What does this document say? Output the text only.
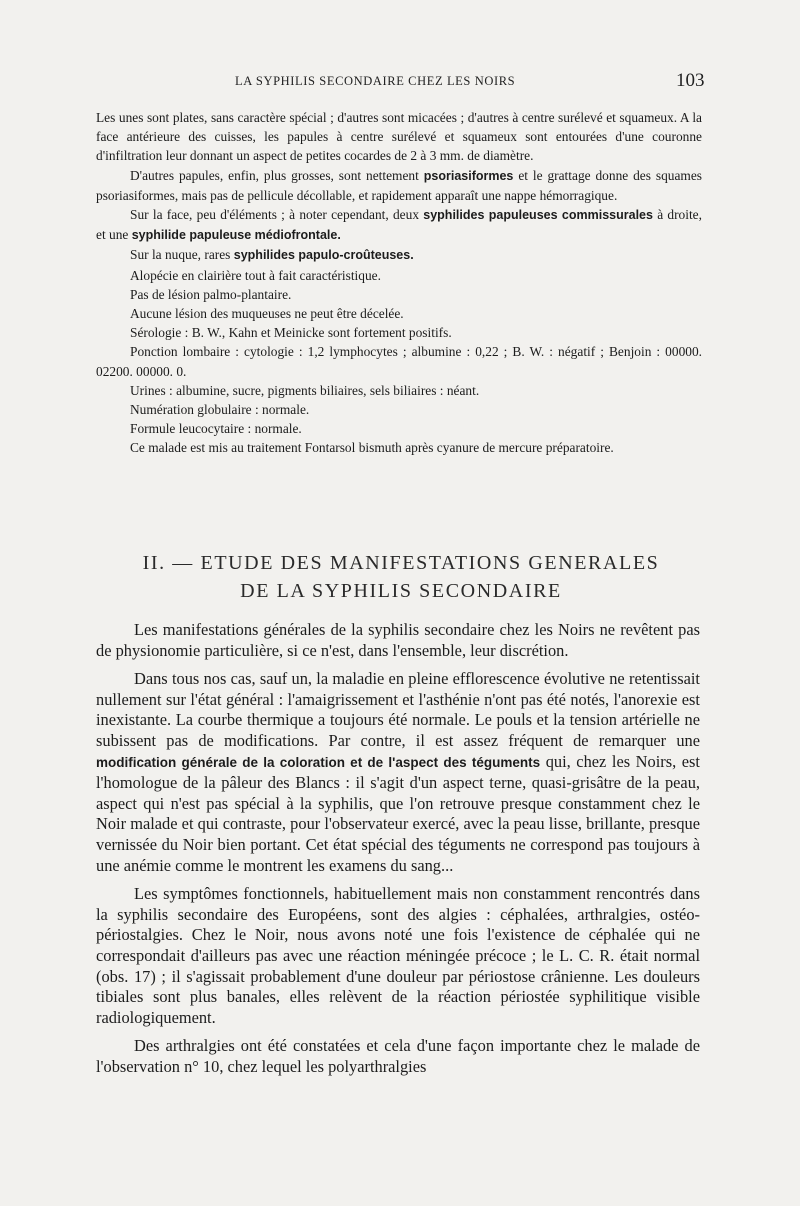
LA SYPHILIS SECONDAIRE CHEZ LES NOIRS	103

Les unes sont plates, sans caractère spécial ; d'autres sont micacées ; d'autres à centre surélevé et squameux. A la face antérieure des cuisses, les papules à centre surélevé et squameux sont entourées d'une couronne d'infiltration leur donnant un aspect de petites cocardes de 2 à 3 mm. de diamètre.

D'autres papules, enfin, plus grosses, sont nettement psoriasiformes et le grattage donne des squames psoriasiformes, mais pas de pellicule décollable, et rapidement apparaît une nappe hémorragique.

Sur la face, peu d'éléments ; à noter cependant, deux syphilides papuleuses commissurales à droite, et une syphilide papuleuse médiofrontale.

Sur la nuque, rares syphilides papulo-croûteuses.

Alopécie en clairière tout à fait caractéristique.

Pas de lésion palmo-plantaire.

Aucune lésion des muqueuses ne peut être décelée.

Sérologie : B. W., Kahn et Meinicke sont fortement positifs.

Ponction lombaire : cytologie : 1,2 lymphocytes ; albumine : 0,22 ; B. W. : négatif ; Benjoin : 00000. 02200. 00000. 0.

Urines : albumine, sucre, pigments biliaires, sels biliaires : néant.

Numération globulaire : normale.

Formule leucocytaire : normale.

Ce malade est mis au traitement Fontarsol bismuth après cyanure de mercure préparatoire.

II. — ETUDE DES MANIFESTATIONS GENERALES
DE LA SYPHILIS SECONDAIRE

Les manifestations générales de la syphilis secondaire chez les Noirs ne revêtent pas de physionomie particulière, si ce n'est, dans l'ensemble, leur discrétion.

Dans tous nos cas, sauf un, la maladie en pleine efflorescence évolutive ne retentissait nullement sur l'état général : l'amaigrissement et l'asthénie n'ont pas été notés, l'anorexie est inexistante. La courbe thermique a toujours été normale. Le pouls et la tension artérielle ne subissent pas de modifications. Par contre, il est assez fréquent de remarquer une modification générale de la coloration et de l'aspect des téguments qui, chez les Noirs, est l'homologue de la pâleur des Blancs : il s'agit d'un aspect terne, quasi-grisâtre de la peau, aspect qui n'est pas spécial à la syphilis, que l'on retrouve presque constamment chez le Noir malade et qui contraste, pour l'observateur exercé, avec la peau lisse, brillante, presque vernissée du Noir bien portant. Cet état spécial des téguments ne correspond pas toujours à une anémie comme le montrent les examens du sang...

Les symptômes fonctionnels, habituellement mais non constamment rencontrés dans la syphilis secondaire des Européens, sont des algies : céphalées, arthralgies, ostéo-périostalgies. Chez le Noir, nous avons noté une fois l'existence de céphalée qui ne correspondait d'ailleurs pas avec une réaction méningée précoce ; le L. C. R. était normal (obs. 17) ; il s'agissait probablement d'une douleur par périostose crânienne. Les douleurs tibiales sont plus banales, elles relèvent de la réaction périostée syphilitique visible radiologiquement.

Des arthralgies ont été constatées et cela d'une façon importante chez le malade de l'observation n° 10, chez lequel les polyarthralgies
